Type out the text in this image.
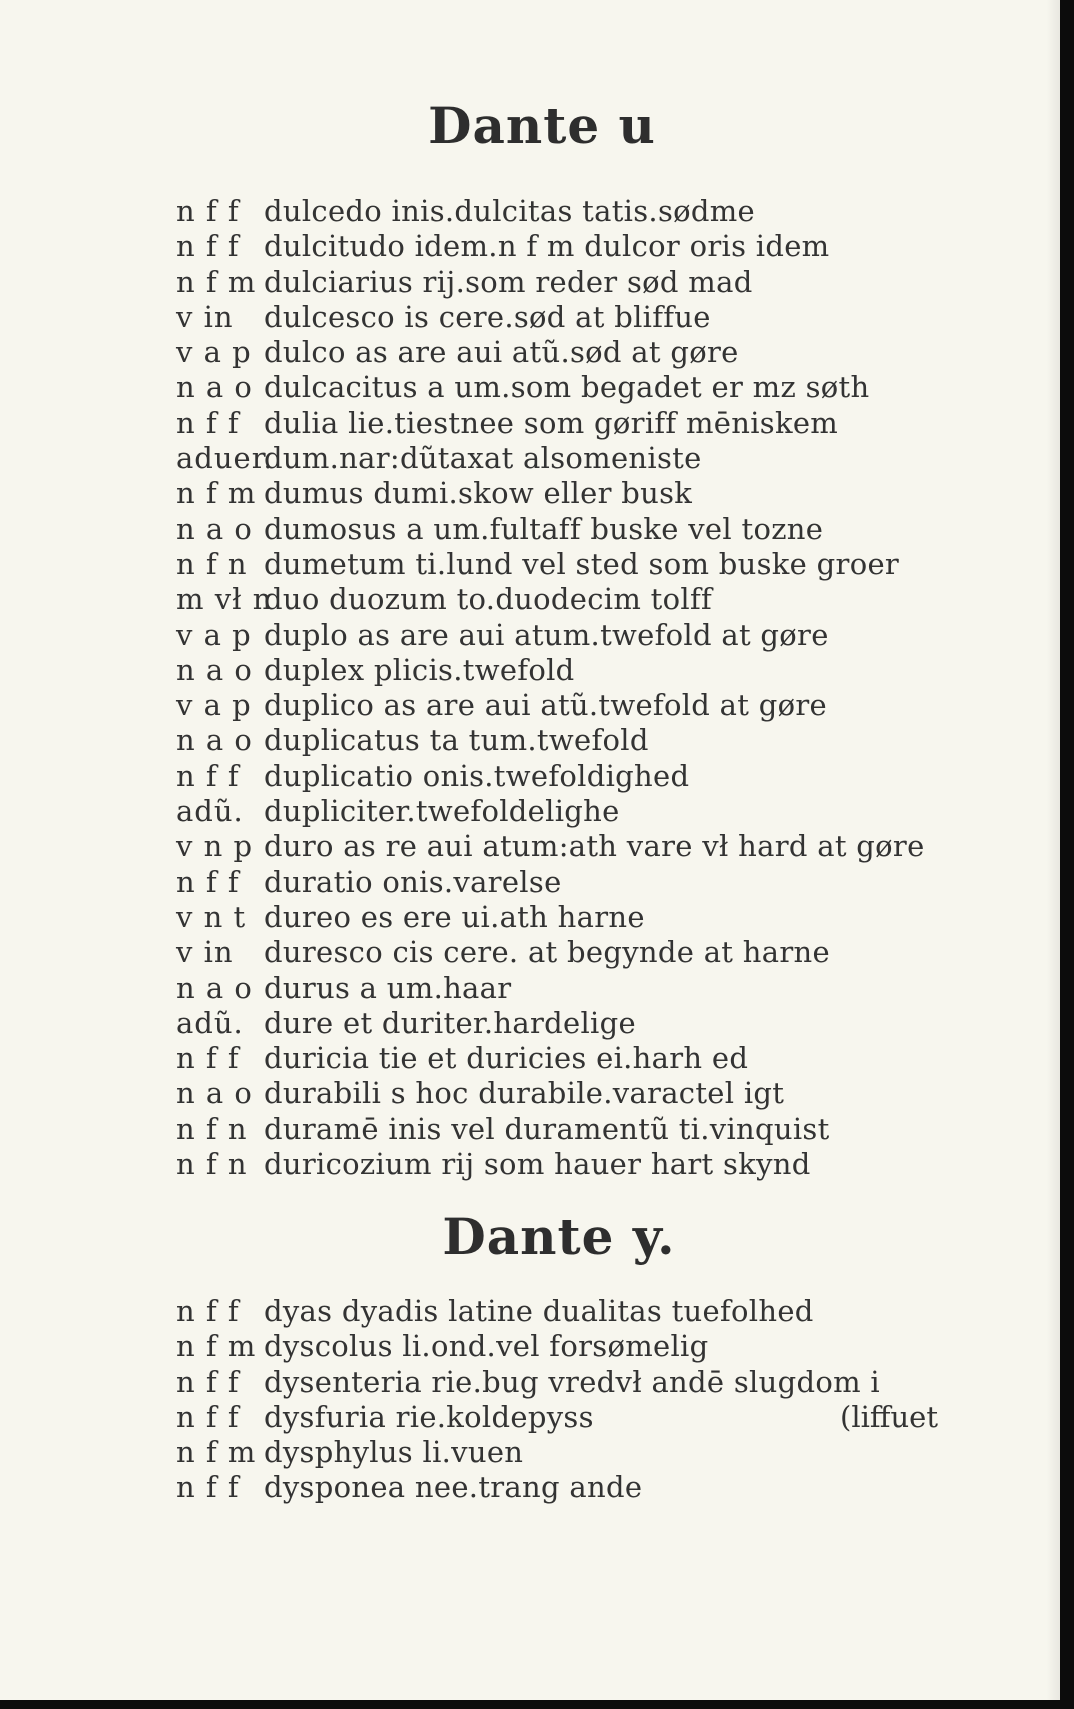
Dante u
n f f dulcedo inis.dulcitas tatis.sødme
n f f dulcitudo idem.n f m dulcor oris idem
n f m dulciarius rij.som reder sød mad
v in dulcesco is cere.sød at bliffue
v a p dulco as are aui atũ.sød at gøre
n a o dulcacitus a um.som begadet er mz søth
n f f dulia lie.tiestnee som gøriff mēniskem
aduer.dum.nar:dũtaxat alsomeniste
n f m dumus dumi.skow eller busk
n a o dumosus a um.fultaff buske vel tozne
n f n dumetum ti.lund vel sted som buske groer
m vł nduo duozum to.duodecim tolff
v a p duplo as are aui atum.twefold at gøre
n a o duplex plicis.twefold
v a p duplico as are aui atũ.twefold at gøre
n a o duplicatus ta tum.twefold
n f f duplicatio onis.twefoldighed
adũ. dupliciter.twefoldelighe
v n p duro as re aui atum:ath vare vł hard at gøre
n f f duratio onis.varelse
v n t dureo es ere ui.ath harne
v in duresco cis cere. at begynde at harne
n a o durus a um.haar
adũ. dure et duriter.hardelige
n f f duricia tie et duricies ei.harh ed
n a o durabili s hoc durabile.varactel igt
n f n duramē inis vel duramentũ ti.vinquist
n f n duricozium rij som hauer hart skynd
Dante y.
n f f dyas dyadis latine dualitas tuefolhed
n f m dyscolus li.ond.vel forsømelig
n f f dysenteria rie.bug vredvł andē slugdom i
n f f dysfuria rie.koldepyss	(liffuet
n f m dysphylus li.vuen
n f f dysponea nee.trang ande
